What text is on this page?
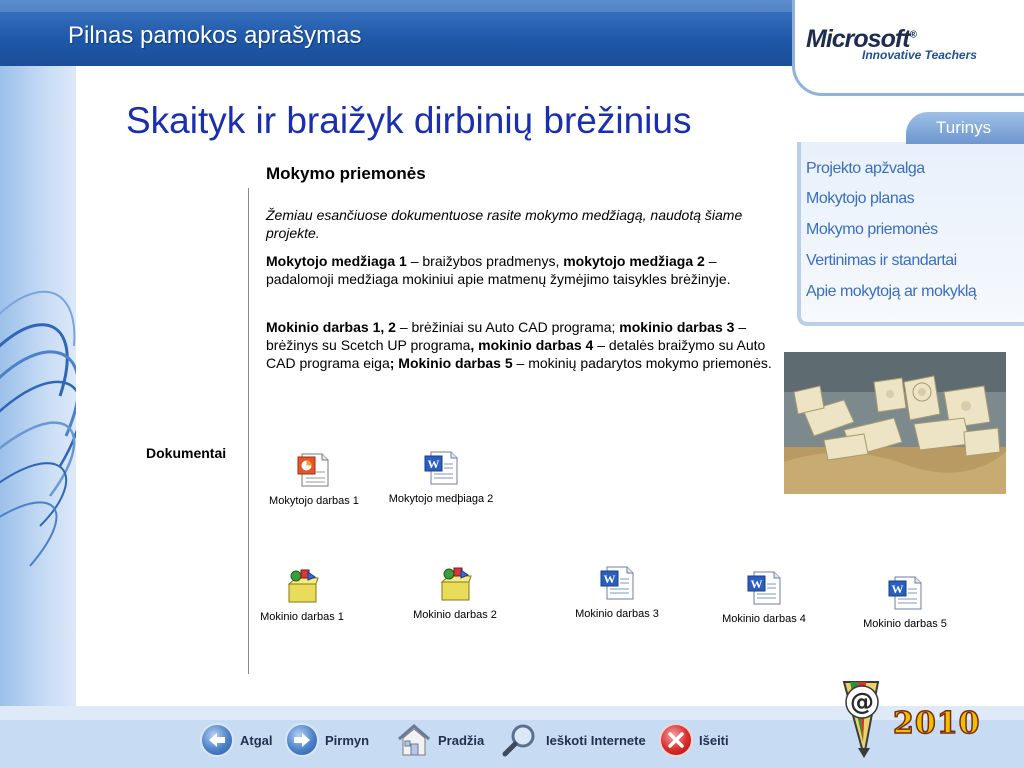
Pilnas pamokos aprašymas	Microsoft®
Innovative Teachers
Skaityk ir braižyk dirbinių brėžinius
Mokymo priemonės
Žemiau esančiuose dokumentuose rasite mokymo medžiagą, naudotą šiame projekte.
Mokytojo medžiaga 1 – braižybos pradmenys, mokytojo medžiaga 2 – padalomoji medžiaga mokiniui apie matmenų žymėjimo taisykles brėžinyje.
Mokinio darbas 1, 2 – brėžiniai su Auto CAD programa; mokinio darbas 3 – brėžinys su Scetch UP programa, mokinio darbas 4 – detalės braižymo su Auto CAD programa eiga; Mokinio darbas 5 – mokinių padarytos mokymo priemonės.
Dokumentai
Mokytojo darbas 1
W
Mokytojo medþiaga 2
Mokinio darbas 1	Mokinio darbas 2
W
Mokinio darbas 3
W
Mokinio darbas 4
W
Mokinio darbas 5
Turinys
Projekto apžvalga
Mokytojo planas
Mokymo priemonės
Vertinimas ir standartai
Apie mokytoją ar mokyklą
Atgal	Pirmyn	Pradžia	Ieškoti Internete	Išeiti
@
2010
